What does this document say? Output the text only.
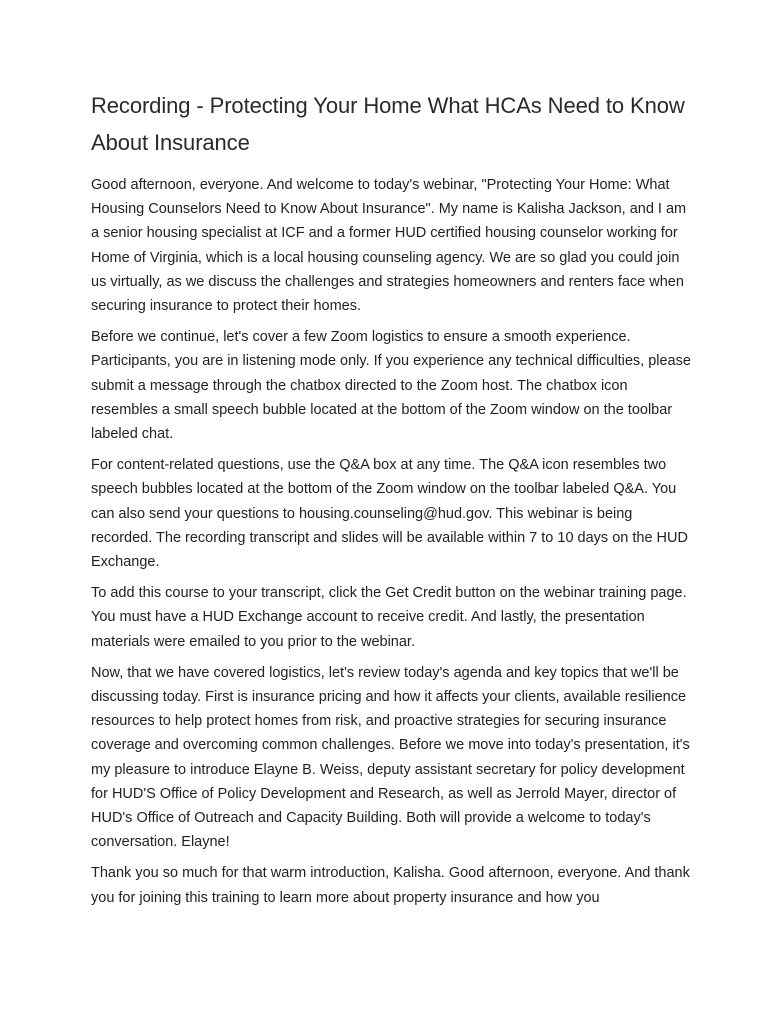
Recording - Protecting Your Home What HCAs Need to Know About Insurance

Good afternoon, everyone. And welcome to today's webinar, "Protecting Your Home: What Housing Counselors Need to Know About Insurance". My name is Kalisha Jackson, and I am a senior housing specialist at ICF and a former HUD certified housing counselor working for Home of Virginia, which is a local housing counseling agency. We are so glad you could join us virtually, as we discuss the challenges and strategies homeowners and renters face when securing insurance to protect their homes.

Before we continue, let's cover a few Zoom logistics to ensure a smooth experience. Participants, you are in listening mode only. If you experience any technical difficulties, please submit a message through the chatbox directed to the Zoom host. The chatbox icon resembles a small speech bubble located at the bottom of the Zoom window on the toolbar labeled chat.

For content-related questions, use the Q&A box at any time. The Q&A icon resembles two speech bubbles located at the bottom of the Zoom window on the toolbar labeled Q&A. You can also send your questions to housing.counseling@hud.gov. This webinar is being recorded. The recording transcript and slides will be available within 7 to 10 days on the HUD Exchange.

To add this course to your transcript, click the Get Credit button on the webinar training page. You must have a HUD Exchange account to receive credit. And lastly, the presentation materials were emailed to you prior to the webinar.

Now, that we have covered logistics, let's review today's agenda and key topics that we'll be discussing today. First is insurance pricing and how it affects your clients, available resilience resources to help protect homes from risk, and proactive strategies for securing insurance coverage and overcoming common challenges. Before we move into today's presentation, it's my pleasure to introduce Elayne B. Weiss, deputy assistant secretary for policy development for HUD'S Office of Policy Development and Research, as well as Jerrold Mayer, director of HUD's Office of Outreach and Capacity Building. Both will provide a welcome to today's conversation. Elayne!

Thank you so much for that warm introduction, Kalisha. Good afternoon, everyone. And thank you for joining this training to learn more about property insurance and how you
